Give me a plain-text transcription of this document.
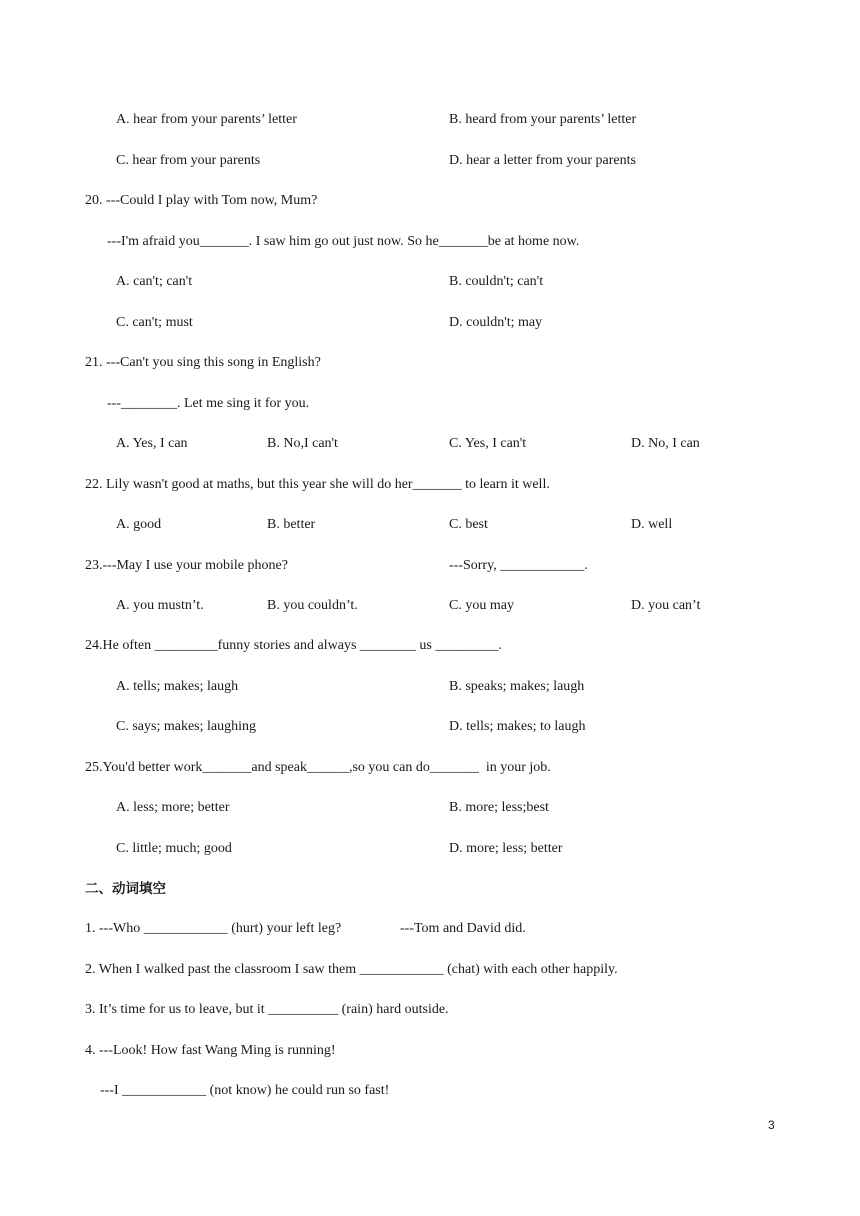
A. hear from your parents’ letter	B. heard from your parents’ letter
C. hear from your parents	D. hear a letter from your parents
20. ---Could I play with Tom now, Mum?
---I'm afraid you_______. I saw him go out just now. So he_______be at home now.
A. can't; can't	B. couldn't; can't
C. can't; must	D. couldn't; may
21. ---Can't you sing this song in English?
---________. Let me sing it for you.
A. Yes, I can	B. No,I can't	C. Yes, I can't	D. No, I can
22. Lily wasn't good at maths, but this year she will do her_______ to learn it well.
A. good	B. better	C. best	D. well
23.---May I use your mobile phone?	---Sorry, ____________.
A. you mustn’t.	B. you couldn’t.	C. you may	D. you can’t
24.He often _________funny stories and always ________ us _________.
A. tells; makes; laugh	B. speaks; makes; laugh
C. says; makes; laughing	D. tells; makes; to laugh
25.You'd better work_______and speak______,so you can do_______  in your job.
A. less; more; better	B. more; less;best
C. little; much; good	D. more; less; better
二、动词填空
1. ---Who ____________ (hurt) your left leg?	---Tom and David did.
2. When I walked past the classroom I saw them ____________ (chat) with each other happily.
3. It’s time for us to leave, but it __________ (rain) hard outside.
4. ---Look! How fast Wang Ming is running!
---I ____________ (not know) he could run so fast!
3
